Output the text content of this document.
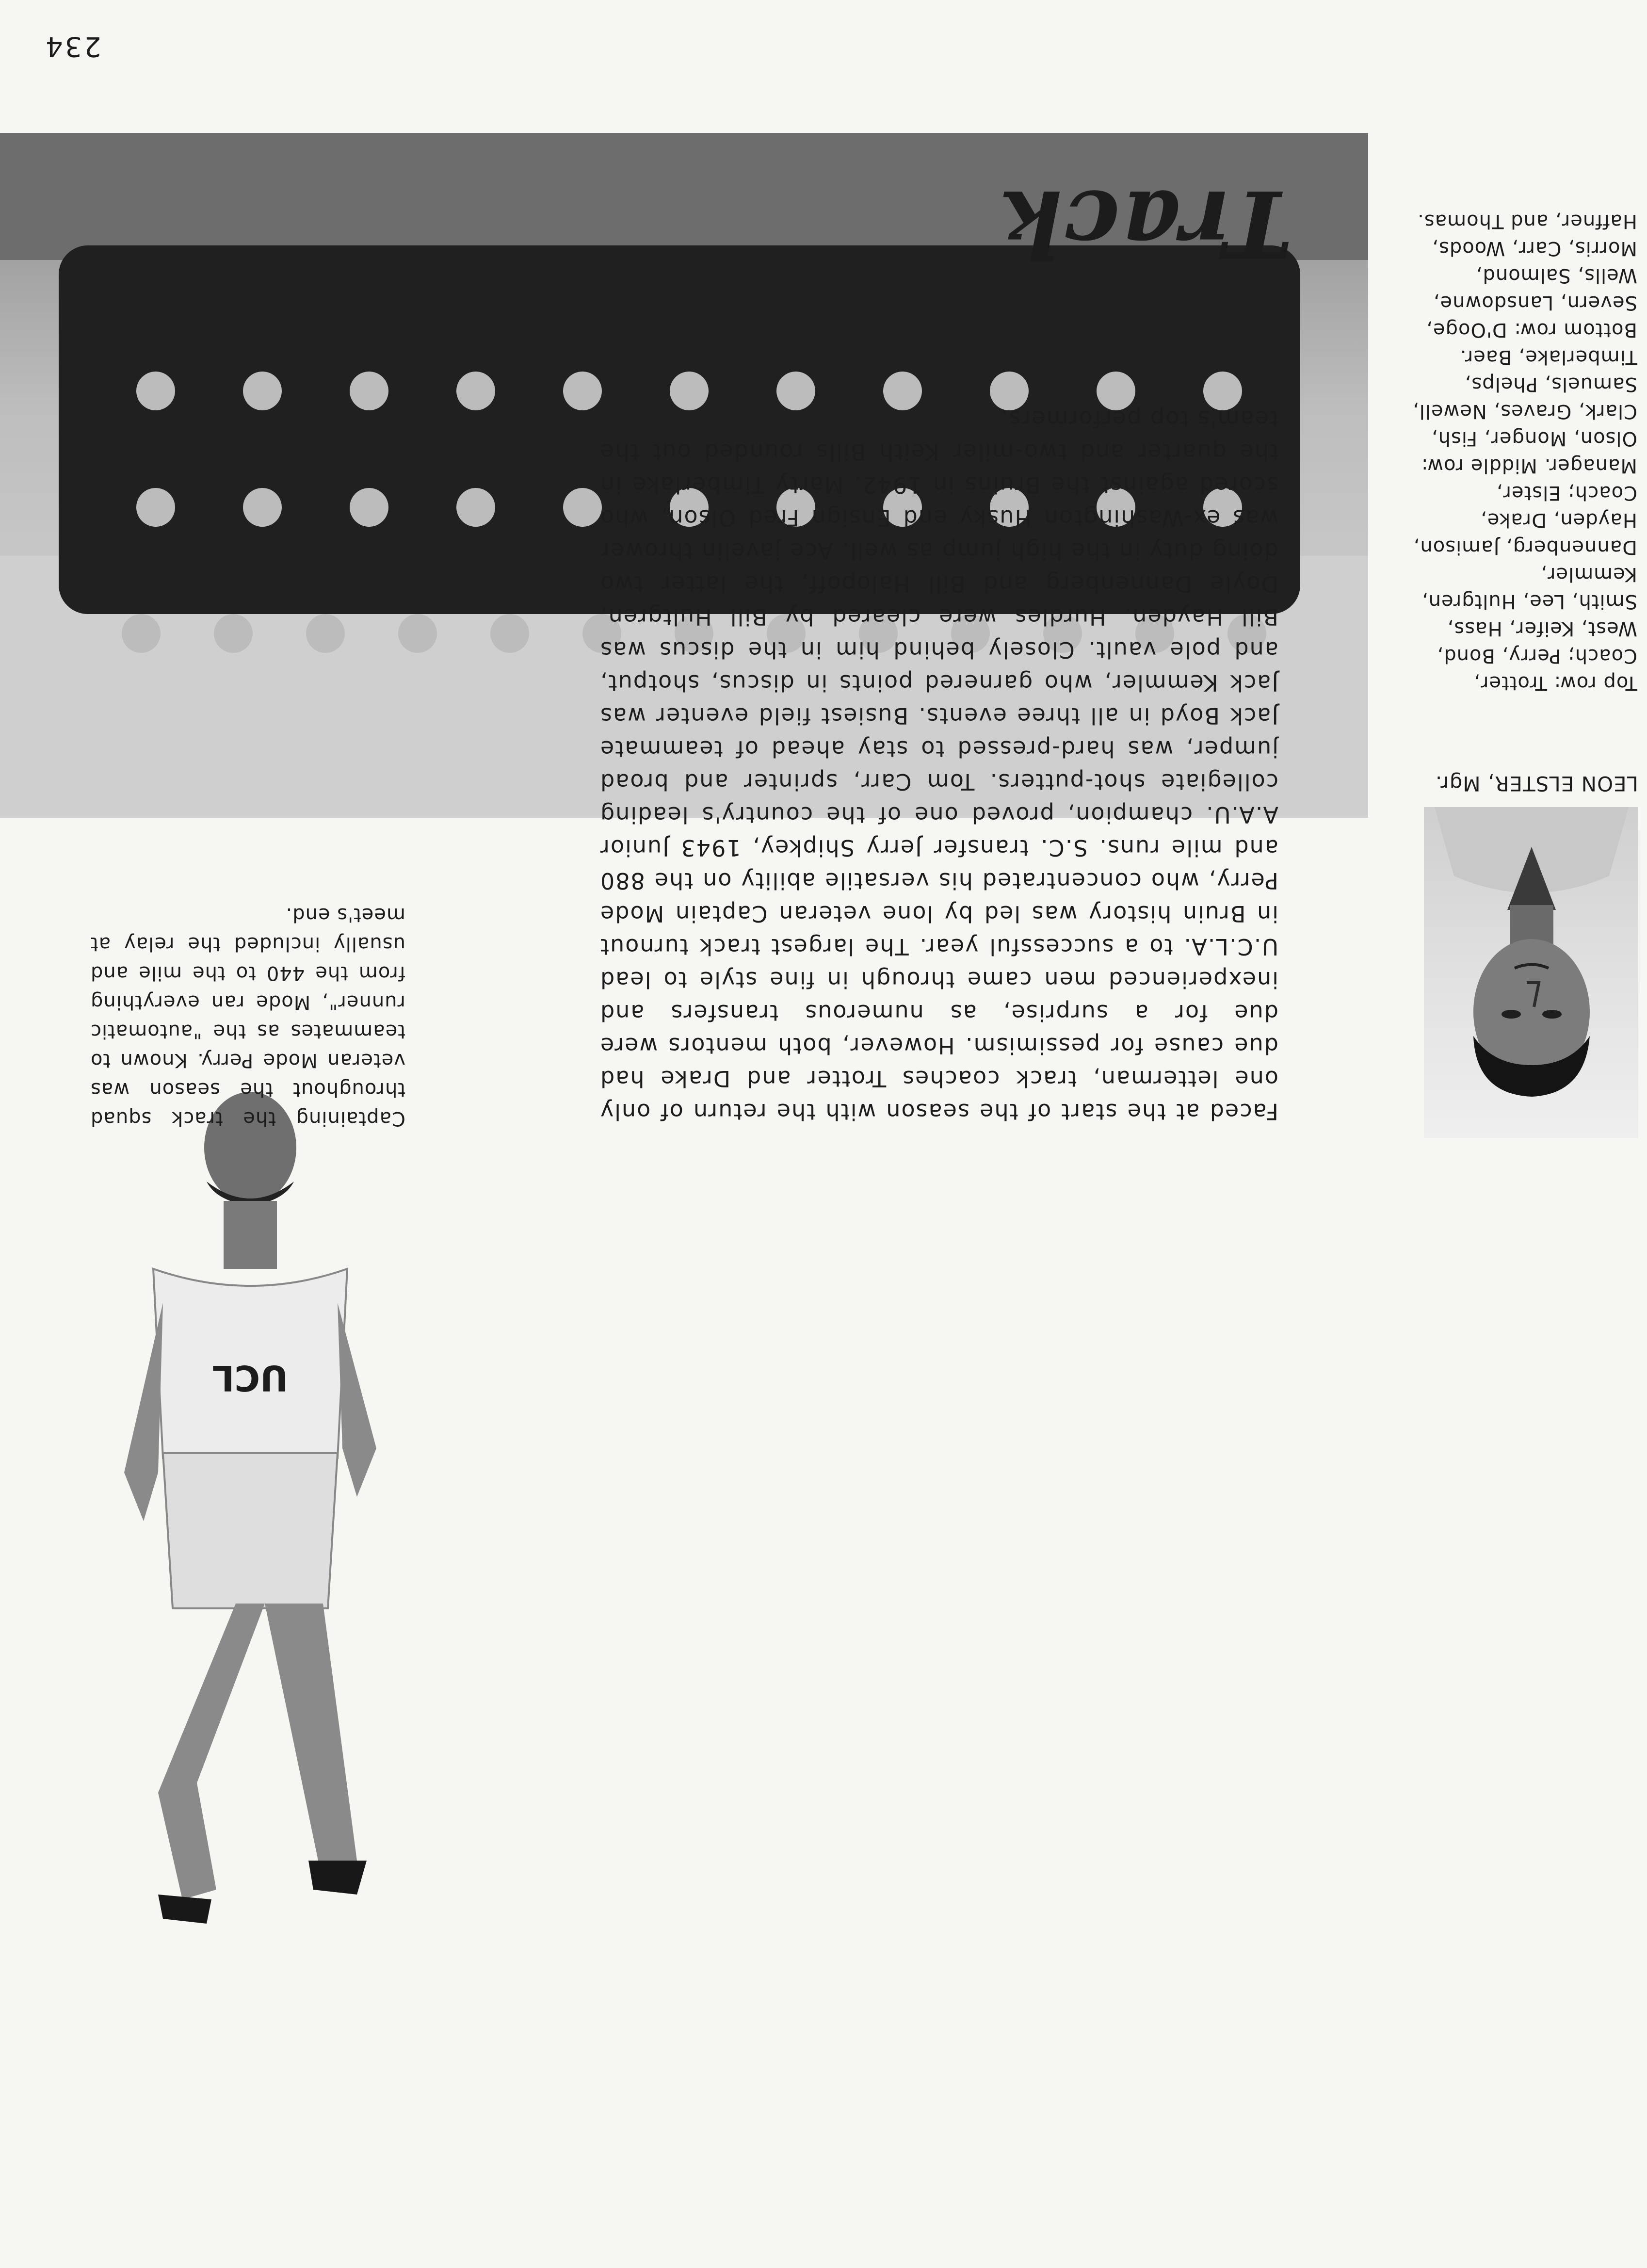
234
LEON ELSTER, Mgr.

Top row: Trotter, Coach; Perry, Bond, West, Keifer, Hass, Smith, Lee, Hultgren, Kemmler, Dannenberg, Jamison, Hayden, Drake, Coach; Elster, Manager. Middle row: Olson, Monger, Fish, Clark, Graves, Newell, Samuels, Phelps, Timberlake, Baer. Bottom row: D'Ooge, Severn, Lansdowne, Wells, Salmond, Morris, Carr, Woods, Haffner, and Thomas.

UCL

Captaining the track squad throughout the season was veteran Mode Perry. Known to teammates as the "automatic runner", Mode ran everything from the 440 to the mile and usually included the relay at meet's end.

Track

Faced at the start of the season with the return of only one letterman, track coaches Trotter and Drake had due cause for pessimism. However, both mentors were due for a surprise, as numerous transfers and inexperienced men came through in fine style to lead U.C.L.A. to a successful year. The largest track turnout in Bruin history was led by lone veteran Captain Mode Perry, who concentrated his versatile ability on the 880 and mile runs. S.C. transfer Jerry Shipkey, 1943 Junior A.A.U. champion, proved one of the country's leading collegiate shot-putters. Tom Carr, sprinter and broad jumper, was hard-pressed to stay ahead of teammate Jack Boyd in all three events. Busiest field eventer was Jack Kemmler, who garnered points in discus, shotput, and pole vault. Closely behind him in the discus was Bill Hayden. Hurdles were cleared by Bill Hultgren, Doyle Dannenberg and Bill Halopoff, the latter two doing duty in the high jump as well. Ace javelin thrower was ex-Washington Husky end Ensign Fred Olson, who scored against the Bruins in 1942. Marty Timberlake in the quarter and two-miler Keith Bills rounded out the team's top performers.
